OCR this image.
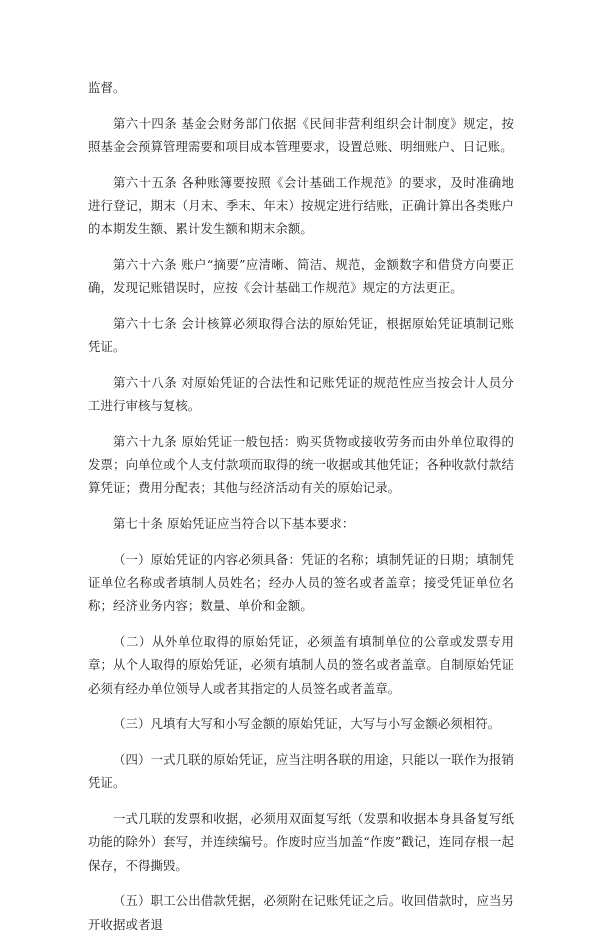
监督。

第六十四条 基金会财务部门依据《民间非营利组织会计制度》规定，按照基金会预算管理需要和项目成本管理要求，设置总账、明细账户、日记账。

第六十五条 各种账簿要按照《会计基础工作规范》的要求，及时准确地进行登记，期末（月末、季末、年末）按规定进行结账，正确计算出各类账户的本期发生额、累计发生额和期末余额。

第六十六条 账户“摘要”应清晰、简洁、规范，金额数字和借贷方向要正确，发现记账错误时，应按《会计基础工作规范》规定的方法更正。

第六十七条 会计核算必须取得合法的原始凭证，根据原始凭证填制记账凭证。

第六十八条 对原始凭证的合法性和记账凭证的规范性应当按会计人员分工进行审核与复核。

第六十九条 原始凭证一般包括：购买货物或接收劳务而由外单位取得的发票；向单位或个人支付款项而取得的统一收据或其他凭证；各种收款付款结算凭证；费用分配表；其他与经济活动有关的原始记录。

第七十条 原始凭证应当符合以下基本要求：

（一）原始凭证的内容必须具备：凭证的名称；填制凭证的日期；填制凭证单位名称或者填制人员姓名；经办人员的签名或者盖章；接受凭证单位名称；经济业务内容；数量、单价和金额。

（二）从外单位取得的原始凭证，必须盖有填制单位的公章或发票专用章；从个人取得的原始凭证，必须有填制人员的签名或者盖章。自制原始凭证必须有经办单位领导人或者其指定的人员签名或者盖章。

（三）凡填有大写和小写金额的原始凭证，大写与小写金额必须相符。

（四）一式几联的原始凭证，应当注明各联的用途，只能以一联作为报销凭证。

一式几联的发票和收据，必须用双面复写纸（发票和收据本身具备复写纸功能的除外）套写，并连续编号。作废时应当加盖“作废”戳记，连同存根一起保存，不得撕毁。

（五）职工公出借款凭据，必须附在记账凭证之后。收回借款时，应当另开收据或者退
